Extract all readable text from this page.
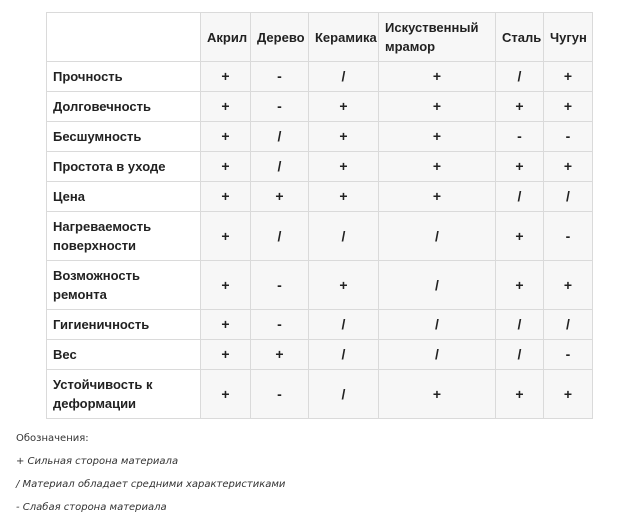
	Акрил	Дерево	Керамика	Искуственный мрамор	Сталь	Чугун
Прочность	+	-	/	+	/	+
Долговечность	+	-	+	+	+	+
Бесшумность	+	/	+	+	-	-
Простота в уходе	+	/	+	+	+	+
Цена	+	+	+	+	/	/
Нагреваемость поверхности	+	/	/	/	+	-
Возможность ремонта	+	-	+	/	+	+
Гигиеничность	+	-	/	/	/	/
Вес	+	+	/	/	/	-
Устойчивость к деформации	+	-	/	+	+	+
Обозначения:
+ Сильная сторона материала
/ Материал обладает средними характеристиками
- Слабая сторона материала
